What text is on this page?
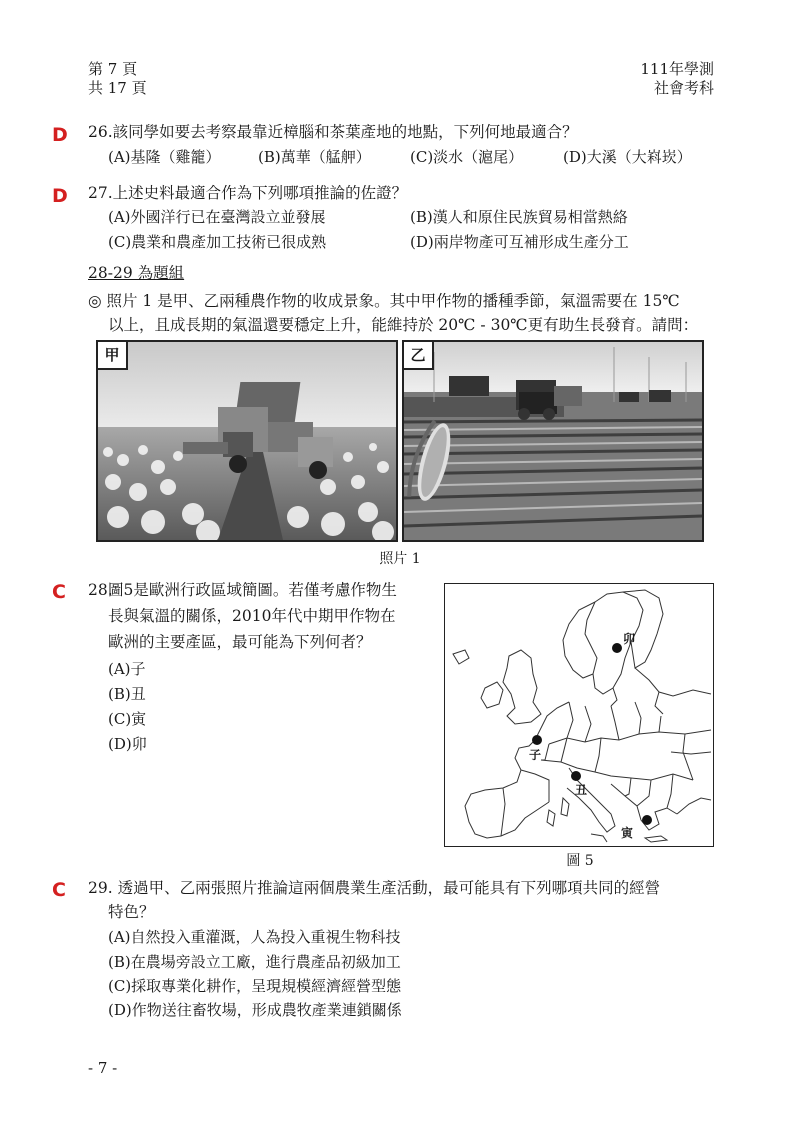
第 7 頁
共 17 頁
111年學測
社會考科
D 26.該同學如要去考察最靠近樟腦和茶葉產地的地點，下列何地最適合？
(A)基隆（雞籠） (B)萬華（艋舺）	(C)淡水（滬尾）	(D)大溪（大嵙崁）
D 27.上述史料最適合作為下列哪項推論的佐證？
(A)外國洋行已在臺灣設立並發展	(B)漢人和原住民族貿易相當熱絡
(C)農業和農產加工技術已很成熟	(D)兩岸物產可互補形成生產分工
28-29 為題組
◎ 照片 1 是甲、乙兩種農作物的收成景象。其中甲作物的播種季節，氣溫需要在 15℃
以上，且成長期的氣溫還要穩定上升，能維持於 20℃ - 30℃更有助生長發育。請問：
甲	乙
照片 1
C 28.
圖5是歐洲行政區域簡圖。若僅考慮作物生
長與氣溫的關係，2010年代中期甲作物在
歐洲的主要產區，最可能為下列何者？
(A)子
(B)丑
(C)寅
(D)卯
子
丑
寅
卯
圖 5
C 29. 透過甲、乙兩張照片推論這兩個農業生產活動，最可能具有下列哪項共同的經營
特色？
(A)自然投入重灌溉，人為投入重視生物科技
(B)在農場旁設立工廠，進行農產品初級加工
(C)採取專業化耕作，呈現規模經濟經營型態
(D)作物送往畜牧場，形成農牧產業連鎖關係
- 7 -
